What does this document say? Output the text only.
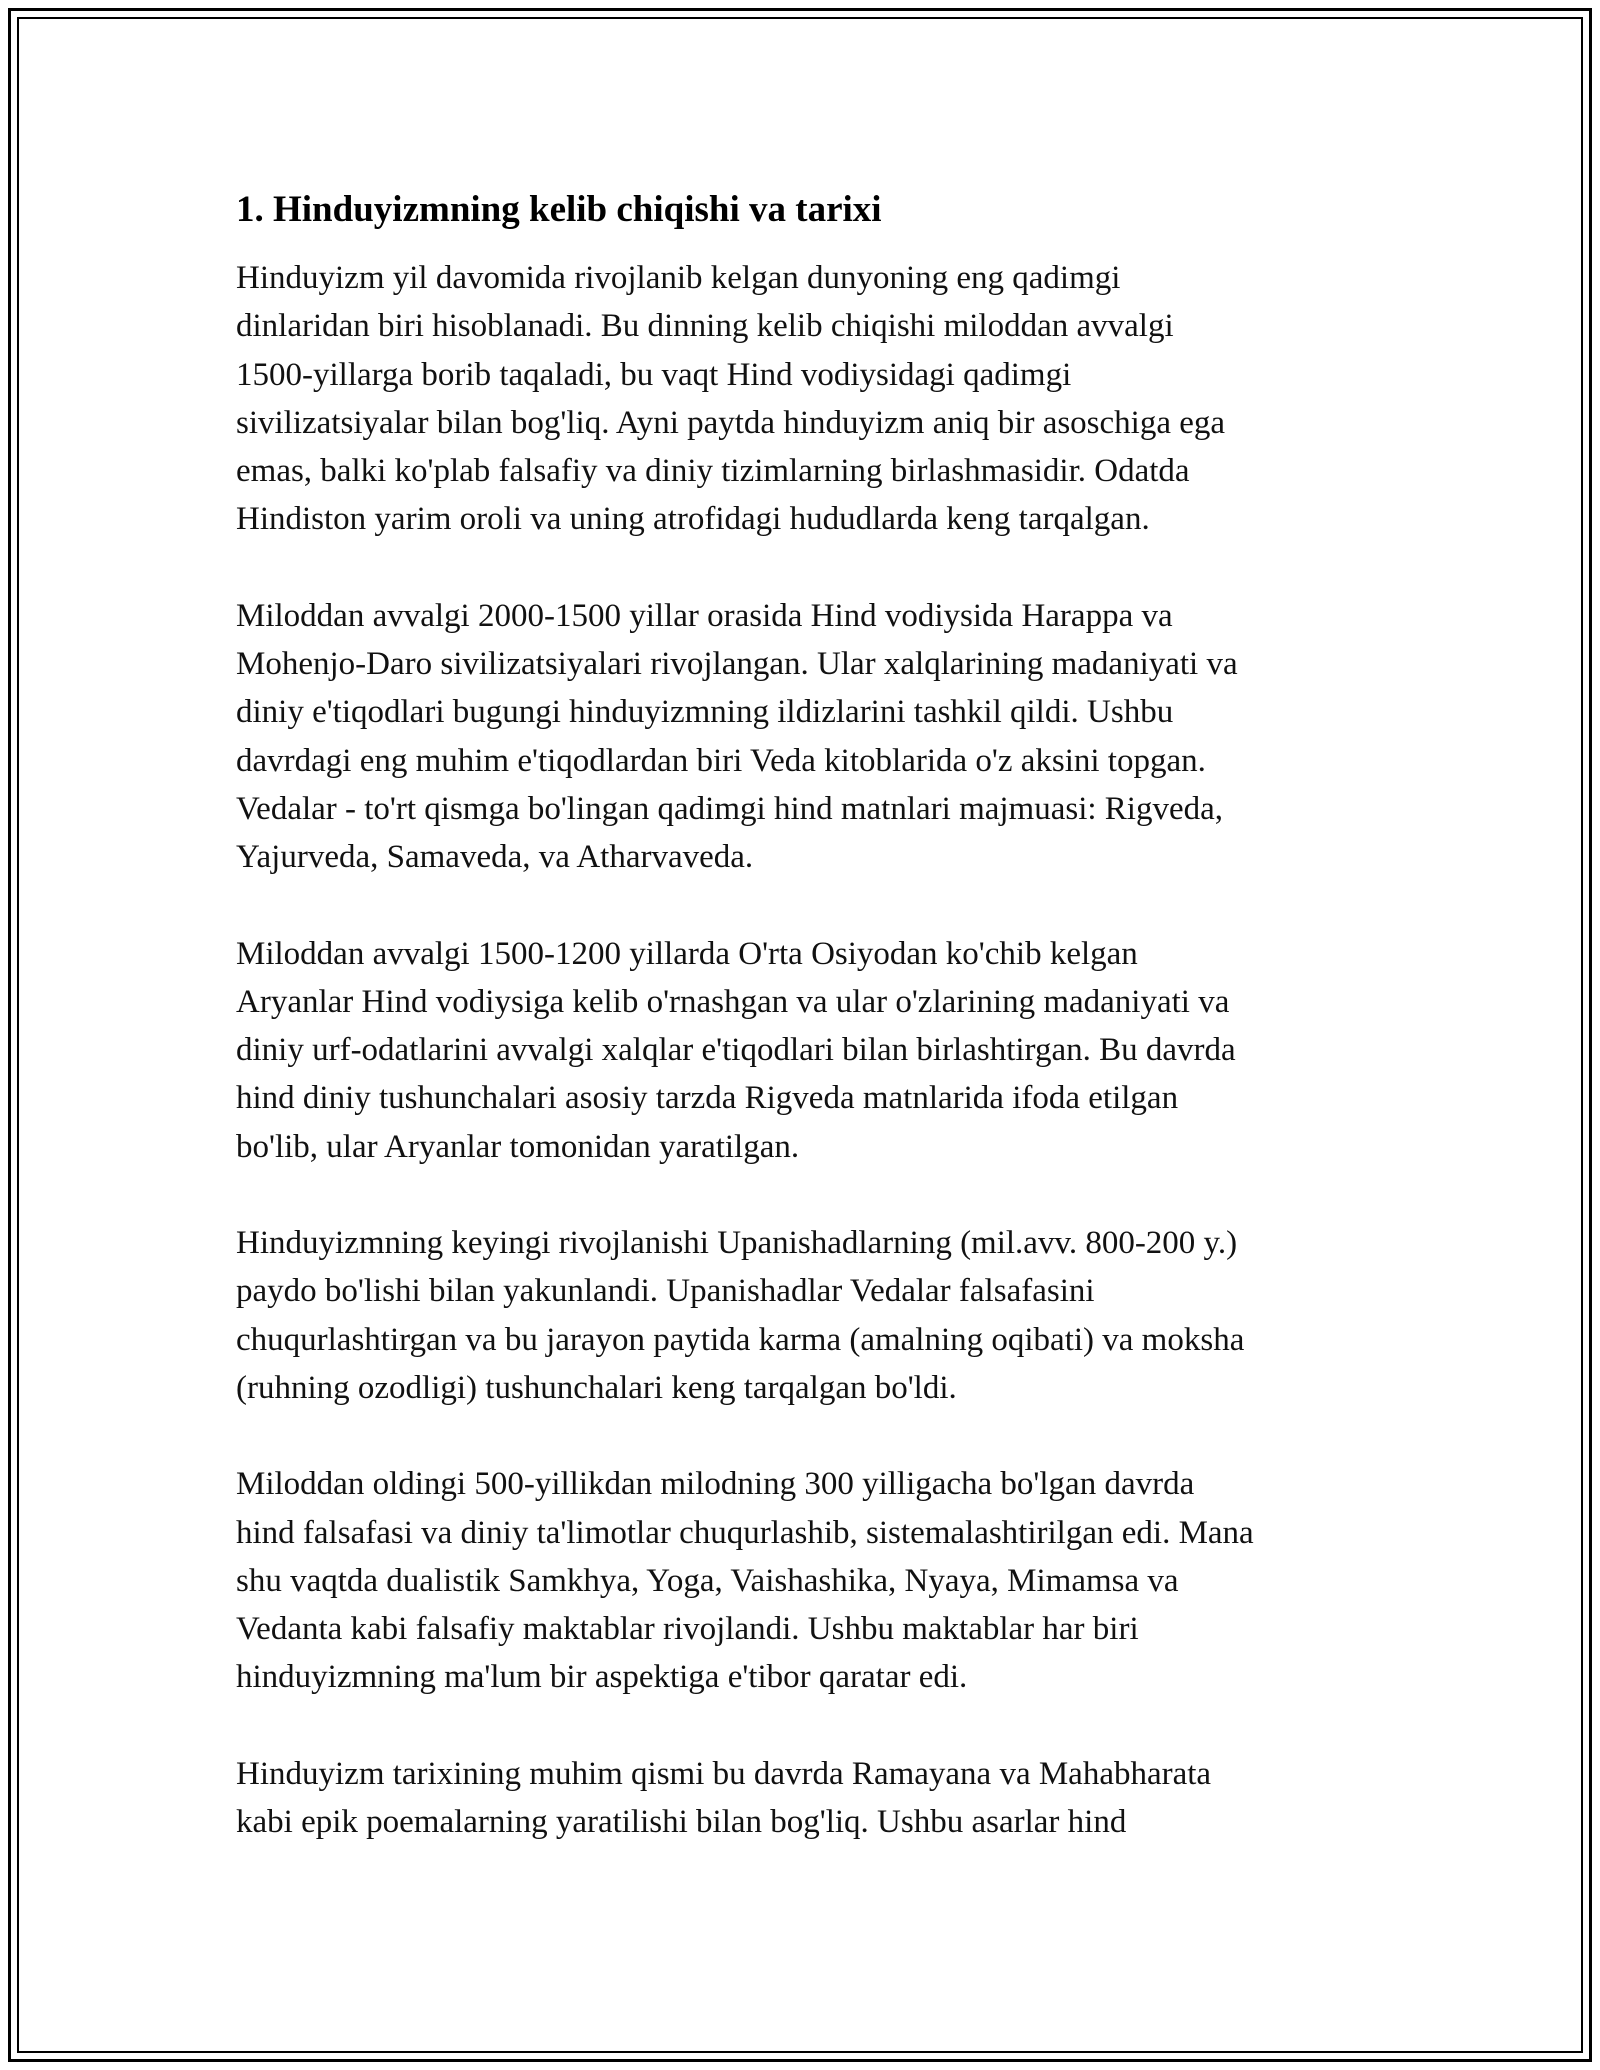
1. Hinduyizmning kelib chiqishi va tarixi
Hinduyizm yil davomida rivojlanib kelgan dunyoning eng qadimgi
dinlaridan biri hisoblanadi. Bu dinning kelib chiqishi miloddan avvalgi
1500-yillarga borib taqaladi, bu vaqt Hind vodiysidagi qadimgi
sivilizatsiyalar bilan bog'liq. Ayni paytda hinduyizm aniq bir asoschiga ega
emas, balki ko'plab falsafiy va diniy tizimlarning birlashmasidir. Odatda
Hindiston yarim oroli va uning atrofidagi hududlarda keng tarqalgan.
Miloddan avvalgi 2000-1500 yillar orasida Hind vodiysida Harappa va
Mohenjo-Daro sivilizatsiyalari rivojlangan. Ular xalqlarining madaniyati va
diniy e'tiqodlari bugungi hinduyizmning ildizlarini tashkil qildi. Ushbu
davrdagi eng muhim e'tiqodlardan biri Veda kitoblarida o'z aksini topgan.
Vedalar - to'rt qismga bo'lingan qadimgi hind matnlari majmuasi: Rigveda,
Yajurveda, Samaveda, va Atharvaveda.
Miloddan avvalgi 1500-1200 yillarda O'rta Osiyodan ko'chib kelgan
Aryanlar Hind vodiysiga kelib o'rnashgan va ular o'zlarining madaniyati va
diniy urf-odatlarini avvalgi xalqlar e'tiqodlari bilan birlashtirgan. Bu davrda
hind diniy tushunchalari asosiy tarzda Rigveda matnlarida ifoda etilgan
bo'lib, ular Aryanlar tomonidan yaratilgan.
Hinduyizmning keyingi rivojlanishi Upanishadlarning (mil.avv. 800-200 y.)
paydo bo'lishi bilan yakunlandi. Upanishadlar Vedalar falsafasini
chuqurlashtirgan va bu jarayon paytida karma (amalning oqibati) va moksha
(ruhning ozodligi) tushunchalari keng tarqalgan bo'ldi.
Miloddan oldingi 500-yillikdan milodning 300 yilligacha bo'lgan davrda
hind falsafasi va diniy ta'limotlar chuqurlashib, sistemalashtirilgan edi. Mana
shu vaqtda dualistik Samkhya, Yoga, Vaishashika, Nyaya, Mimamsa va
Vedanta kabi falsafiy maktablar rivojlandi. Ushbu maktablar har biri
hinduyizmning ma'lum bir aspektiga e'tibor qaratar edi.
Hinduyizm tarixining muhim qismi bu davrda Ramayana va Mahabharata
kabi epik poemalarning yaratilishi bilan bog'liq. Ushbu asarlar hind
